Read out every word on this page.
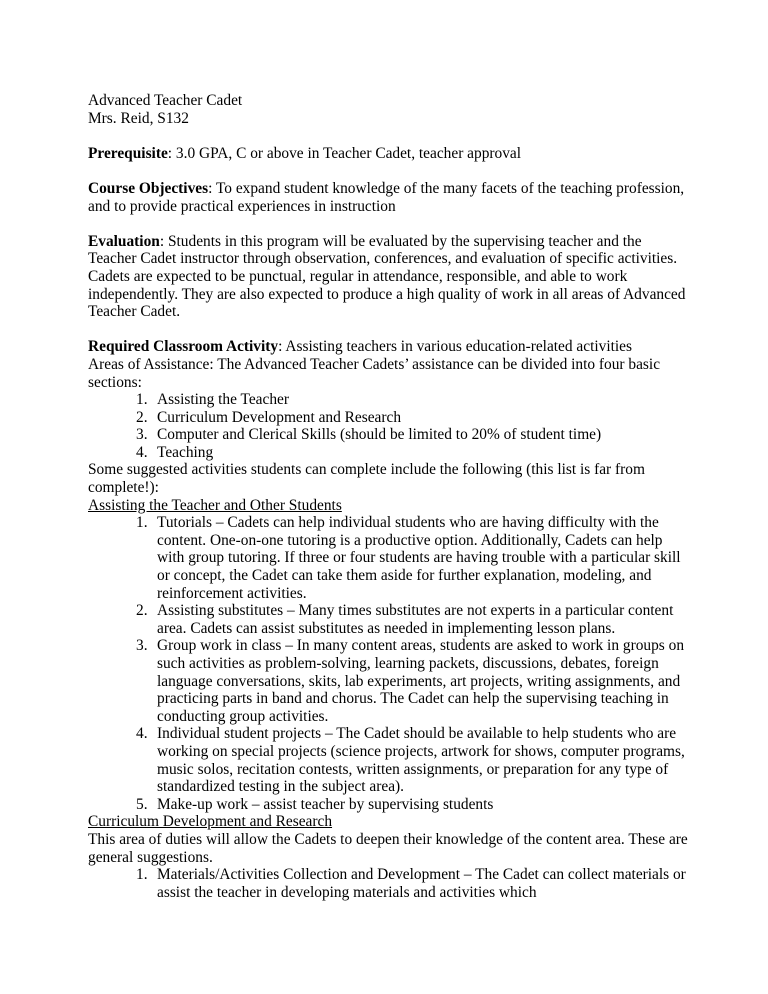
Advanced Teacher Cadet

Mrs. Reid, S132

Prerequisite: 3.0 GPA, C or above in Teacher Cadet, teacher approval

Course Objectives: To expand student knowledge of the many facets of the teaching profession, and to provide practical experiences in instruction

Evaluation: Students in this program will be evaluated by the supervising teacher and the Teacher Cadet instructor through observation, conferences, and evaluation of specific activities. Cadets are expected to be punctual, regular in attendance, responsible, and able to work independently. They are also expected to produce a high quality of work in all areas of Advanced Teacher Cadet.

Required Classroom Activity: Assisting teachers in various education-related activities

Areas of Assistance: The Advanced Teacher Cadets’ assistance can be divided into four basic sections:

1. Assisting the Teacher
2. Curriculum Development and Research
3. Computer and Clerical Skills (should be limited to 20% of student time)
4. Teaching

Some suggested activities students can complete include the following (this list is far from complete!):

Assisting the Teacher and Other Students

1. Tutorials – Cadets can help individual students who are having difficulty with the content. One-on-one tutoring is a productive option. Additionally, Cadets can help with group tutoring. If three or four students are having trouble with a particular skill or concept, the Cadet can take them aside for further explanation, modeling, and reinforcement activities.
2. Assisting substitutes – Many times substitutes are not experts in a particular content area. Cadets can assist substitutes as needed in implementing lesson plans.
3. Group work in class – In many content areas, students are asked to work in groups on such activities as problem-solving, learning packets, discussions, debates, foreign language conversations, skits, lab experiments, art projects, writing assignments, and practicing parts in band and chorus. The Cadet can help the supervising teaching in conducting group activities.
4. Individual student projects – The Cadet should be available to help students who are working on special projects (science projects, artwork for shows, computer programs, music solos, recitation contests, written assignments, or preparation for any type of standardized testing in the subject area).
5. Make-up work – assist teacher by supervising students

Curriculum Development and Research

This area of duties will allow the Cadets to deepen their knowledge of the content area. These are general suggestions.

1. Materials/Activities Collection and Development – The Cadet can collect materials or assist the teacher in developing materials and activities which
